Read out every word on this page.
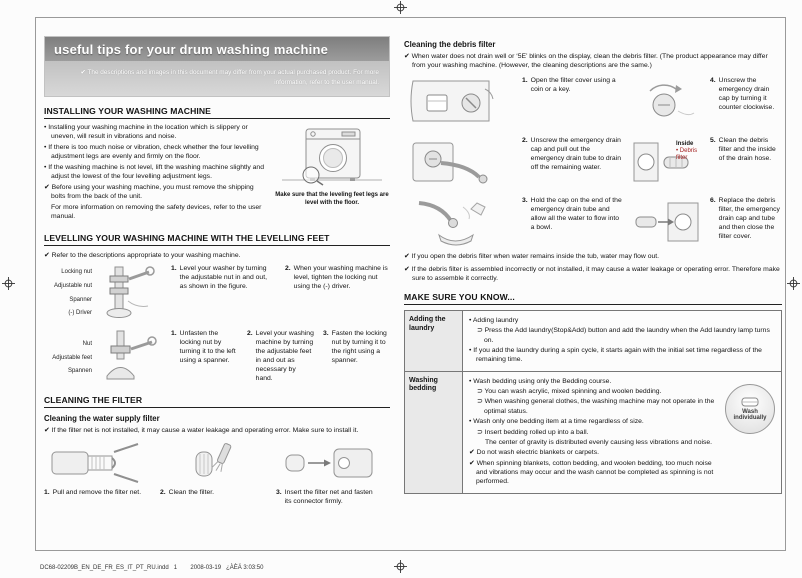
useful tips for your drum washing machine
✔ The descriptions and images in this document may differ from your actual purchased product. For more information, refer to the user manual.
INSTALLING YOUR WASHING MACHINE
• Installing your washing machine in the location which is slippery or uneven, will result in vibrations and noise.
• If there is too much noise or vibration, check whether the four levelling adjustment legs are evenly and firmly on the floor.
• If the washing machine is not level, lift the washing machine slightly and adjust the lowest of the four levelling adjustment legs.
✔ Before using your washing machine, you must remove the shipping bolts from the back of the unit.
For more information on removing the safety devices, refer to the user manual.
Make sure that the leveling feet legs are level with the floor.
LEVELLING YOUR WASHING MACHINE WITH THE LEVELLING FEET
✔ Refer to the descriptions appropriate to your washing machine.
Locking nut
Adjustable nut
Spanner
(-) Driver
1. Level your washer by turning the adjustable nut in and out, as shown in the figure.
2. When your washing machine is level, tighten the locking nut using the (-) driver.
Nut
Adjustable feet
Spannen
1. Unfasten the locking nut by turning it to the left using a spanner.
2. Level your washing machine by turning the adjustable feet in and out as necessary by hand.
3. Fasten the locking nut by turning it to the right using a spanner.
CLEANING THE FILTER
Cleaning the water supply filter
✔ If the filter net is not installed, it may cause a water leakage and operating error. Make sure to install it.
1. Pull and remove the filter net.	2. Clean the filter.	3. Insert the filter net and fasten its connector firmly.
Cleaning the debris filter
✔ When water does not drain well or ‘5E’ blinks on the display, clean the debris filter. (The product appearance may differ from your washing machine. (However, the cleaning descriptions are the same.)
1. Open the filter cover using a coin or a key.
4. Unscrew the emergency drain cap by turning it counter clockwise.
2. Unscrew the emergency drain cap and pull out the emergency drain tube to drain off the remaining water.
Inside
• Debris filter
5. Clean the debris filter and the inside of the drain hose.
3. Hold the cap on the end of the emergency drain tube and allow all the water to flow into a bowl.
6. Replace the debris filter, the emergency drain cap and tube and then close the filter cover.
✔ If you open the debris filter when water remains inside the tub, water may flow out.
✔ If the debris filter is assembled incorrectly or not installed, it may cause a water leakage or operating error. Therefore make sure to assemble it correctly.
MAKE SURE YOU KNOW...
Adding the laundry	• Adding laundry
⊃ Press the Add laundry(Stop&Add) button and add the laundry when the Add laundry lamp turns on.
• If you add the laundry during a spin cycle, it starts again with the initial set time regardless of the remaining time.

Washing bedding	
• Wash bedding using only the Bedding course.
⊃ You can wash acrylic, mixed spinning and woolen bedding.
⊃ When washing general clothes, the washing machine may not operate in the optimal status.
• Wash only one bedding item at a time regardless of size.
⊃ Insert bedding rolled up into a ball.
The center of gravity is distributed evenly causing less vibrations and noise.
✔ Do not wash electric blankets or carpets.
✔ When spinning blankets, cotton bedding, and woolen bedding, too much noise and vibrations may occur and the wash cannot be completed as spinning is not performed.
Wash individually
DC68-02209B_EN_DE_FR_ES_IT_PT_RU.indd   1        2008-03-19   ¿ÀÈÄ 3:03:50
